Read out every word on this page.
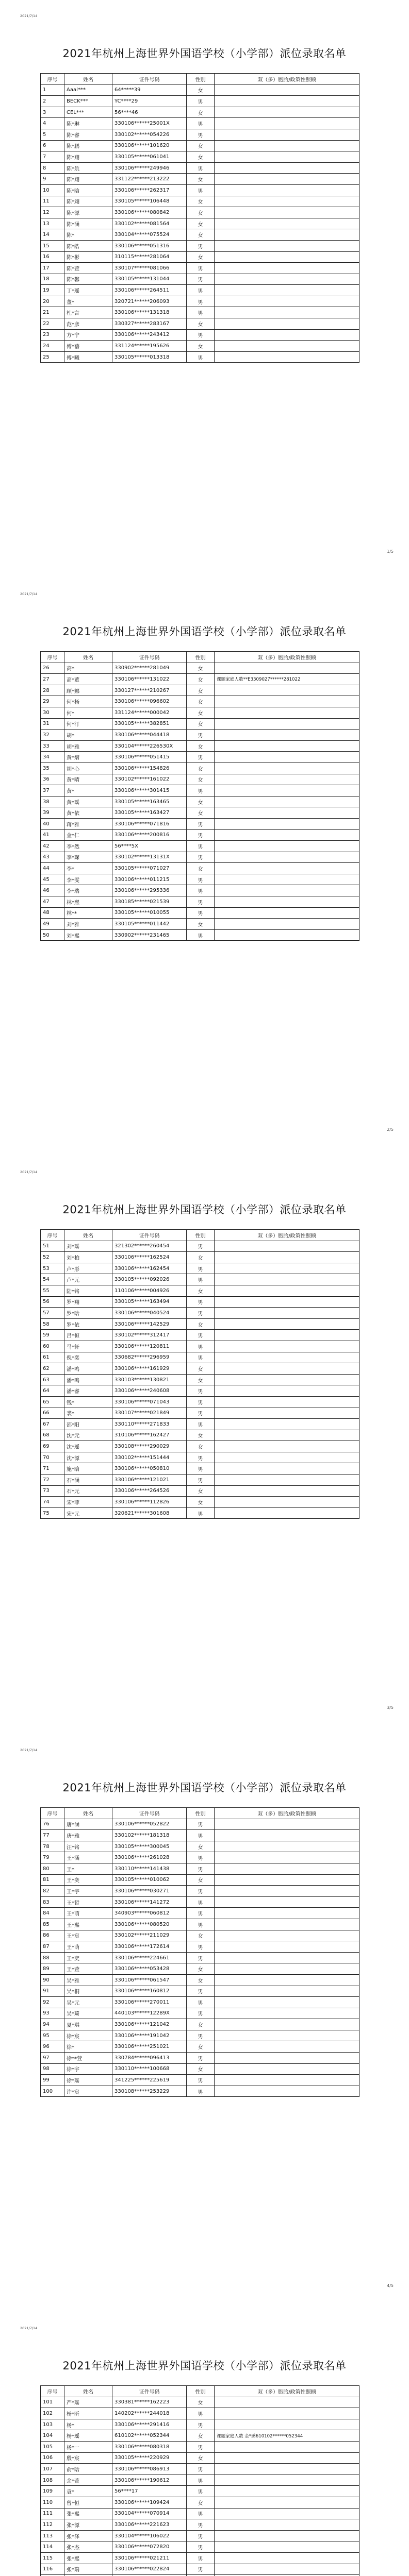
2021/7/14
2021年杭州上海世界外国语学校（小学部）派位录取名单
序号	姓名	证件号码	性别	双（多）胞胎/政策性照顾
1	Aaal***	64*****39	女	
2	BECK***	YC****29	男	
3	CEL***	56****46	女	
4	陈*琳	330106******25001X	男	
5	陈*睿	330102******054226	男	
6	陈*鹏	330106******101620	女	
7	陈*翔	330105******061041	女	
8	陈*航	330106******249946	男	
9	陈*翔	331122******213222	女	
10	陈*晗	330106******262317	男	
11	陈*翊	330105******106448	女	
12	陈*源	330106******080842	女	
13	陈*涵	330102******081564	女	
14	陈*	330104******075524	女	
15	陈*皓	330106******051316	男	
16	陈*彬	310115******281064	女	
17	陈*萱	330107******081066	男	
18	陈*馨	330105******131044	男	
19	丁*瑶	330106******264511	男	
20	董*	320721******206093	男	
21	杜*言	330106******131318	男	
22	范*彦	330327******283167	女	
23	方*宁	330106******243412	男	
24	傅*蓓	331124******195626	女	
25	傅*曦	330105******013318	男	
1/5
2021/7/14
2021年杭州上海世界外国语学校（小学部）派位录取名单
序号	姓名	证件号码	性别	双（多）胞胎/政策性照顾
26	高*	330902******281049	女	
27	高*董	330106******131022	女	课题家庭人数**E3309027******281022
28	顾*娜	330127******210267	女	
29	何*杨	330106******096602	女	
30	何*	331124******000042	女	
31	何*汀	330105******382851	女	
32	胡*	330106******044418	男	
33	胡*雅	330104******226530X	女	
34	黄*熠	330106******051415	男	
35	胡*心	330106******154826	女	
36	黄*晴	330102******161022	女	
37	黄*	330106******301415	男	
38	黄*瑶	330105******163465	女	
39	黄*依	330105******163427	女	
40	蒋*雅	330106******071816	男	
41	金*仁	330106******200816	男	
42	李*然	56****5X	男	
43	李*琛	330102******13131X	男	
44	李*	330105******071027	女	
45	李*雯	330106******011215	男	
46	李*瑞	330106******295336	男	
47	林*熙	330185******021539	男	
48	林**	330105******010055	男	
49	刘*雅	330105******011442	女	
50	刘*熙	330902******231465	男	
2/5
2021/7/14
2021年杭州上海世界外国语学校（小学部）派位录取名单
序号	姓名	证件号码	性别	双（多）胞胎/政策性照顾
51	刘*瑶	321302******260454	男	
52	刘*柏	330106******162524	女	
53	卢*彤	330106******162454	男	
54	卢*元	330105******092026	男	
55	陆*铭	110106******004926	女	
56	罗*翔	330105******163494	男	
57	罗*晗	330106******040524	男	
58	罗*依	330106******142529	女	
59	吕*恒	330102******312417	男	
60	马*轩	330106******120811	男	
61	倪*奕	330682******296959	男	
62	潘*鸣	330106******161929	女	
63	潘*鸣	330103******130821	女	
64	潘*睿	330106******240608	男	
65	钱*	330106******071043	男	
66	裘*	330107******021849	男	
67	邵*阳	330110******271833	男	
68	沈*元	310106******162427	女	
69	沈*瑶	330108******290029	女	
70	沈*源	330102******151444	男	
71	施*晗	330106******050810	男	
72	石*涵	330106******121021	男	
73	石*元	330106******264526	女	
74	宋*菲	330106******112826	女	
75	宋*元	320621******301608	男	
3/5
2021/7/14
2021年杭州上海世界外国语学校（小学部）派位录取名单
序号	姓名	证件号码	性别	双（多）胞胎/政策性照顾
76	唐*涵	330106******052822	男	
77	唐*雅	330102******181318	男	
78	汪*铭	330105******300045	女	
79	王*涵	330106******261028	男	
80	王*	330110******141438	男	
81	王*奕	330105******010062	女	
82	王*宇	330106******030271	男	
83	王*哲	330106******141272	男	
84	王*萌	340903******060812	男	
85	王*熙	330106******080520	男	
86	王*宸	330102******211029	女	
87	王*萌	330106******172614	男	
88	王*奕	330106******224661	男	
89	王*萱	330106******053428	女	
90	吴*雅	330106******061547	女	
91	吴*桐	330106******160812	男	
92	吴*元	330106******270011	男	
93	吴*琦	440103******12289X	男	
94	夏*琪	330106******121042	女	
95	徐*宸	330106******191042	男	
96	徐*	330106******251021	女	
97	徐**萱	330784******096413	男	
98	徐*宇	330110******100668	女	
99	徐*瑶	341225******225619	男	
100	许*宸	330108******253229	男	
4/5
2021/7/14
2021年杭州上海世界外国语学校（小学部）派位录取名单
序号	姓名	证件号码	性别	双（多）胞胎/政策性照顾
101	严*瑶	330381******162223	女	
102	杨*昕	140202******244018	男	
103	杨*	330106******291416	男	
104	杨*瑶	610102******052344	女	课题家庭人数 金*璐610102******052344
105	杨*一	330106******080318	男	
106	殷*宸	330105******220929	女	
107	俞*晗	330106******086913	男	
108	余*萱	330106******190612	男	
109	袁*	56****17	男	
110	曾*恒	330106******109424	女	
111	张*熙	330104******070914	男	
112	张*源	330106******221623	男	
113	张*泽	330104******106022	男	
114	张*杰	330106******072820	男	
115	张*熙	330106******021211	男	
116	张*瑞	330106******022824	男	
